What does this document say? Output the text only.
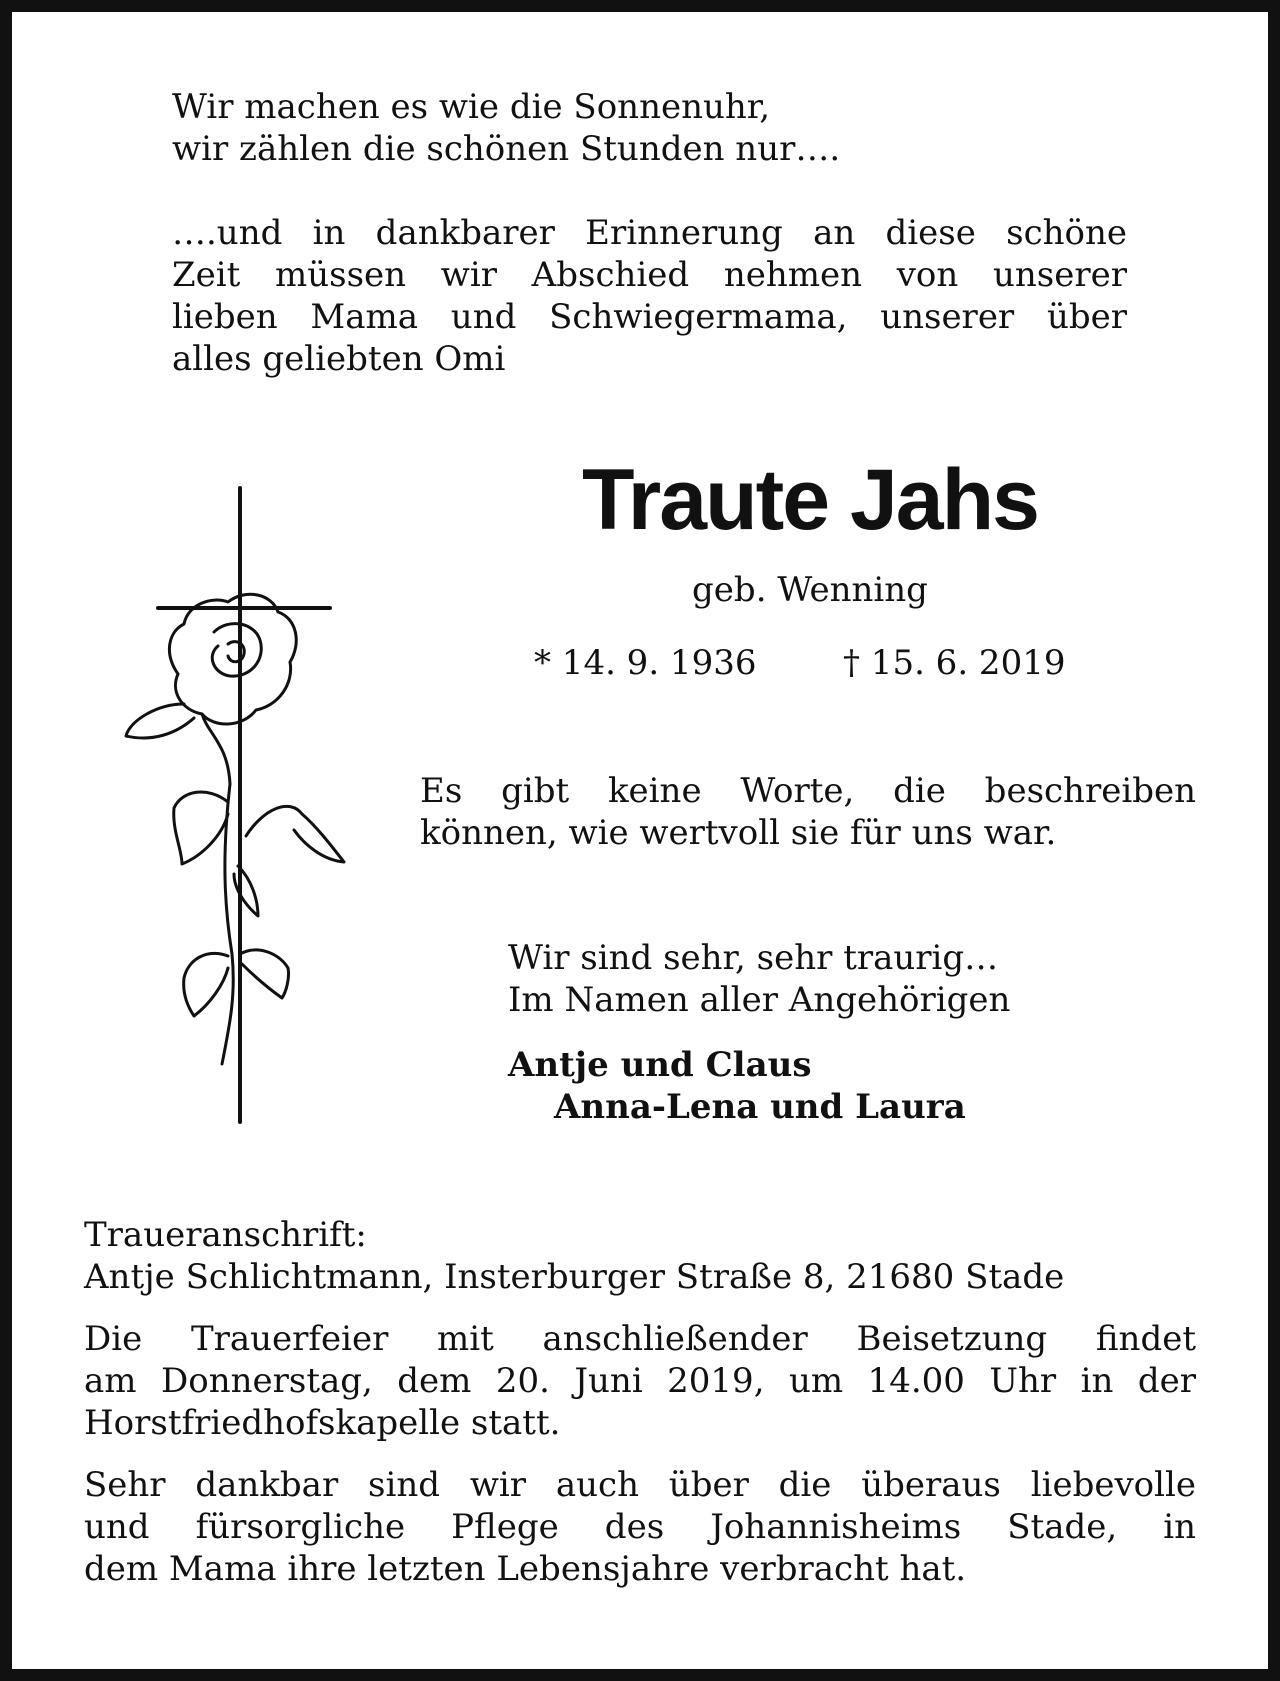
Wir machen es wie die Sonnenuhr,
wir zählen die schönen Stunden nur….
….und in dankbarer Erinnerung an diese schöne
Zeit müssen wir Abschied nehmen von unserer
lieben Mama und Schwiegermama, unserer über
alles geliebten Omi
Traute Jahs
geb. Wenning
* 14. 9. 1936	† 15. 6. 2019
Es gibt keine Worte, die beschreiben
können, wie wertvoll sie für uns war.
Wir sind sehr, sehr traurig…
Im Namen aller Angehörigen
Antje und Claus
Anna-Lena und Laura
Traueranschrift:
Antje Schlichtmann, Insterburger Straße 8, 21680 Stade
Die Trauerfeier mit anschließender Beisetzung findet
am Donnerstag, dem 20. Juni 2019, um 14.00 Uhr in der
Horstfriedhofskapelle statt.
Sehr dankbar sind wir auch über die überaus liebevolle
und fürsorgliche Pflege des Johannisheims Stade, in
dem Mama ihre letzten Lebensjahre verbracht hat.
